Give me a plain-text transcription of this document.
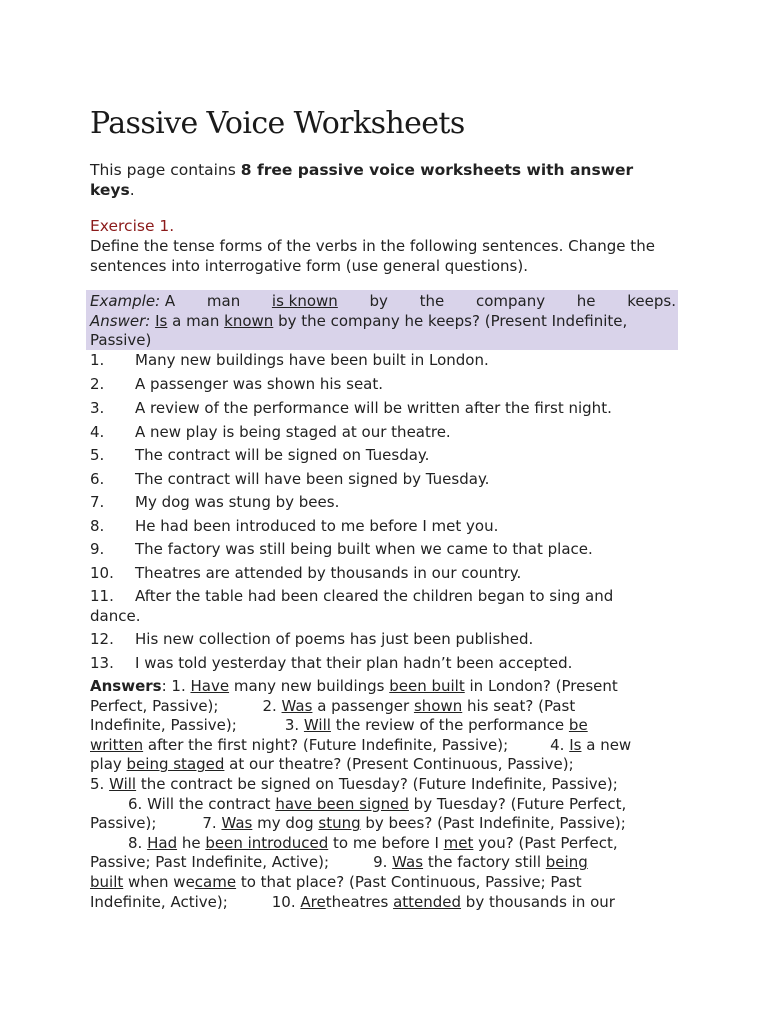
Passive Voice Worksheets
This page contains 8 free passive voice worksheets with answer keys.
Exercise 1.
Define the tense forms of the verbs in the following sentences. Change the sentences into interrogative form (use general questions).
Example: A man is known by the company he keeps.
Answer: Is a man known by the company he keeps? (Present Indefinite,
Passive)
1.	Many new buildings have been built in London.
2.	A passenger was shown his seat.
3.	A review of the performance will be written after the first night.
4.	A new play is being staged at our theatre.
5.	The contract will be signed on Tuesday.
6.	The contract will have been signed by Tuesday.
7.	My dog was stung by bees.
8.	He had been introduced to me before I met you.
9.	The factory was still being built when we came to that place.
10.	Theatres are attended by thousands in our country.
11.	After the table had been cleared the children began to sing and
dance.
12.	His new collection of poems has just been published.
13.	I was told yesterday that their plan hadn’t been accepted.
Answers: 1. Have many new buildings been built in London? (Present
Perfect, Passive);	2. Was a passenger shown his seat? (Past
Indefinite, Passive);	3. Will the review of the performance be
written after the first night? (Future Indefinite, Passive);	4. Is a new
play being staged at our theatre? (Present Continuous, Passive);
5. Will the contract be signed on Tuesday? (Future Indefinite, Passive);
6. Will the contract have been signed by Tuesday? (Future Perfect,
Passive);	7. Was my dog stung by bees? (Past Indefinite, Passive);
8. Had he been introduced to me before I met you? (Past Perfect,
Passive; Past Indefinite, Active);	9. Was the factory still being
built when wecame to that place? (Past Continuous, Passive; Past
Indefinite, Active);	10. Aretheatres attended by thousands in our
